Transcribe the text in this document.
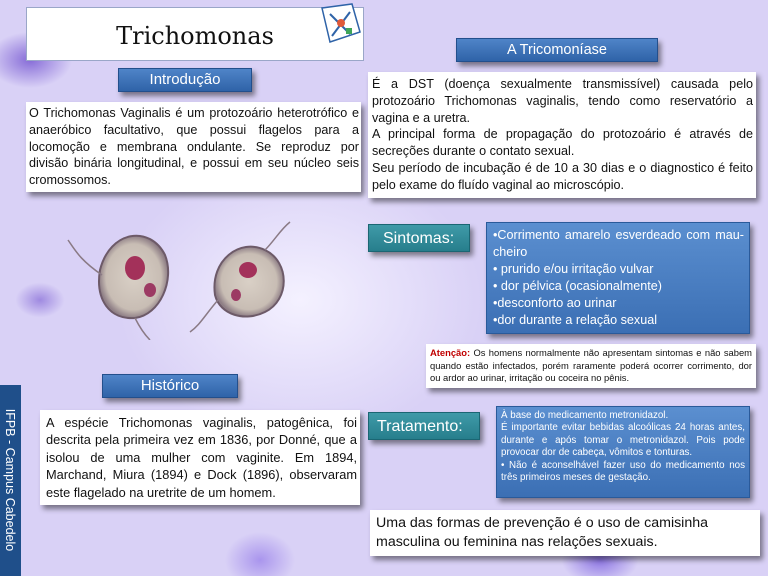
Trichomonas
Introdução
O Trichomonas Vaginalis é um protozoário heterotrófico e anaeróbico facultativo, que possui flagelos para a locomoção e membrana ondulante. Se reproduz por divisão binária longitudinal, e possui em seu núcleo seis cromossomos.
A Tricomoníase
É a DST (doença sexualmente transmissível) causada pelo protozoário Trichomonas vaginalis, tendo como reservatório a vagina e a uretra.
A principal forma de propagação do protozoário é através de secreções durante o contato sexual.
Seu período de incubação é de 10 a 30 dias e o diagnostico é feito pelo exame do fluído vaginal ao microscópio.
Sintomas:	•Corrimento amarelo esverdeado com mau-cheiro

• prurido e/ou irritação vulvar

• dor pélvica (ocasionalmente)

•desconforto ao urinar

•dor durante a relação sexual

Atenção: Os homens normalmente não apresentam sintomas e não sabem quando estão infectados, porém raramente poderá ocorrer corrimento, dor ou ardor ao urinar, irritação ou coceira no pênis.
Histórico
A espécie Trichomonas vaginalis, patogênica, foi descrita pela primeira vez em 1836, por Donné, que a isolou de uma mulher com vaginite. Em 1894, Marchand, Miura (1894) e Dock (1896), observaram este flagelado na uretrite de um homem.
Tratamento:

À base do medicamento metronidazol.

É importante evitar bebidas alcoólicas 24 horas antes, durante e após tomar o metronidazol. Pois pode provocar dor de cabeça, vômitos e tonturas.

• Não é aconselhável fazer uso do medicamento nos três primeiros meses de gestação.

Uma das formas de prevenção é o uso de camisinha masculina ou feminina nas relações sexuais.
IFPB - Campus Cabedelo
